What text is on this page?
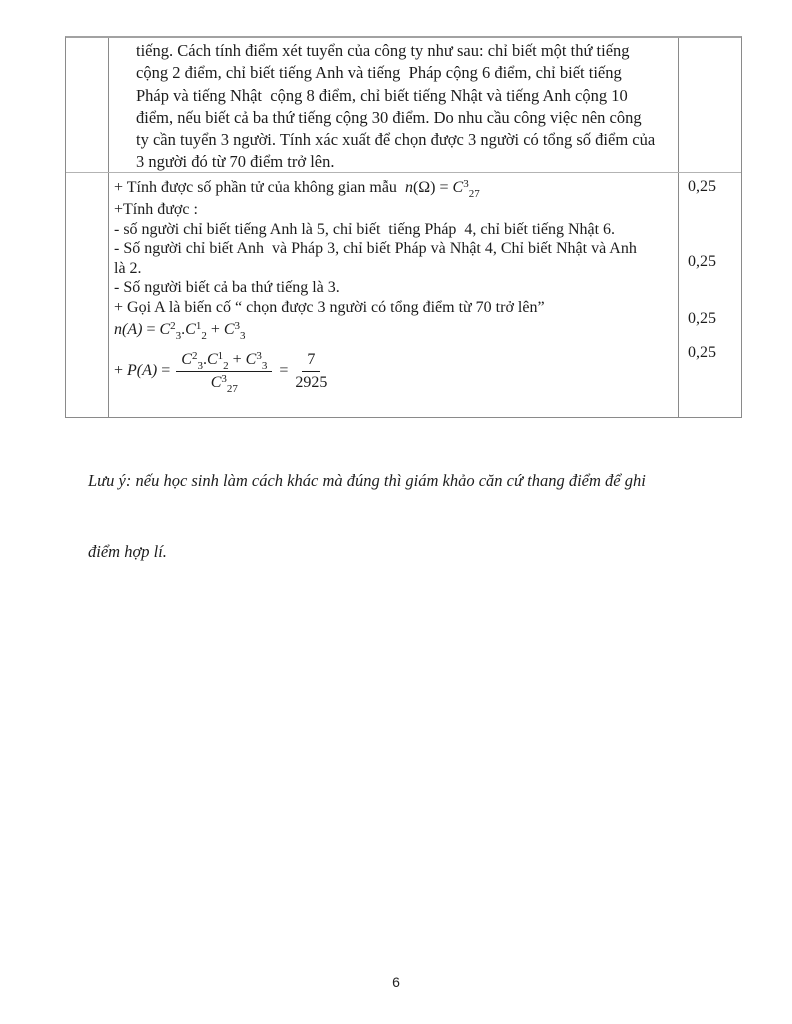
tiếng. Cách tính điểm xét tuyển của công ty như sau: chỉ biết một thứ tiếng
cộng 2 điểm, chỉ biết tiếng Anh và tiếng  Pháp cộng 6 điểm, chỉ biết tiếng
Pháp và tiếng Nhật  cộng 8 điểm, chỉ biết tiếng Nhật và tiếng Anh cộng 10
điểm, nếu biết cả ba thứ tiếng cộng 30 điểm. Do nhu cầu công việc nên công
ty cần tuyển 3 người. Tính xác xuất để chọn được 3 người có tổng số điểm của
3 người đó từ 70 điểm trở lên.
+ Tính được số phần tử của không gian mẫu $n(\Omega) = C^3_{27}$
+Tính được :
- số người chỉ biết tiếng Anh là 5, chỉ biết  tiếng Pháp  4, chỉ biết tiếng Nhật 6.
- Số người chỉ biết Anh  và Pháp 3, chỉ biết Pháp và Nhật 4, Chỉ biết Nhật và Anh
là 2.
- Số người biết cả ba thứ tiếng là 3.
+ Gọi A là biến cố “ chọn được 3 người có tổng điểm từ 70 trở lên”
$n(A) = C^2_3.C^1_2 + C^3_3$
+ $P(A) = \frac{C^2_3.C^1_2 + C^3_3}{C^3_{27}} = \frac{7}{2925}$
0,25
0,25
0,25
0,25

Lưu ý: nếu học sinh làm cách khác mà đúng thì giám khảo căn cứ thang điểm để ghi

điểm hợp lí.

6
